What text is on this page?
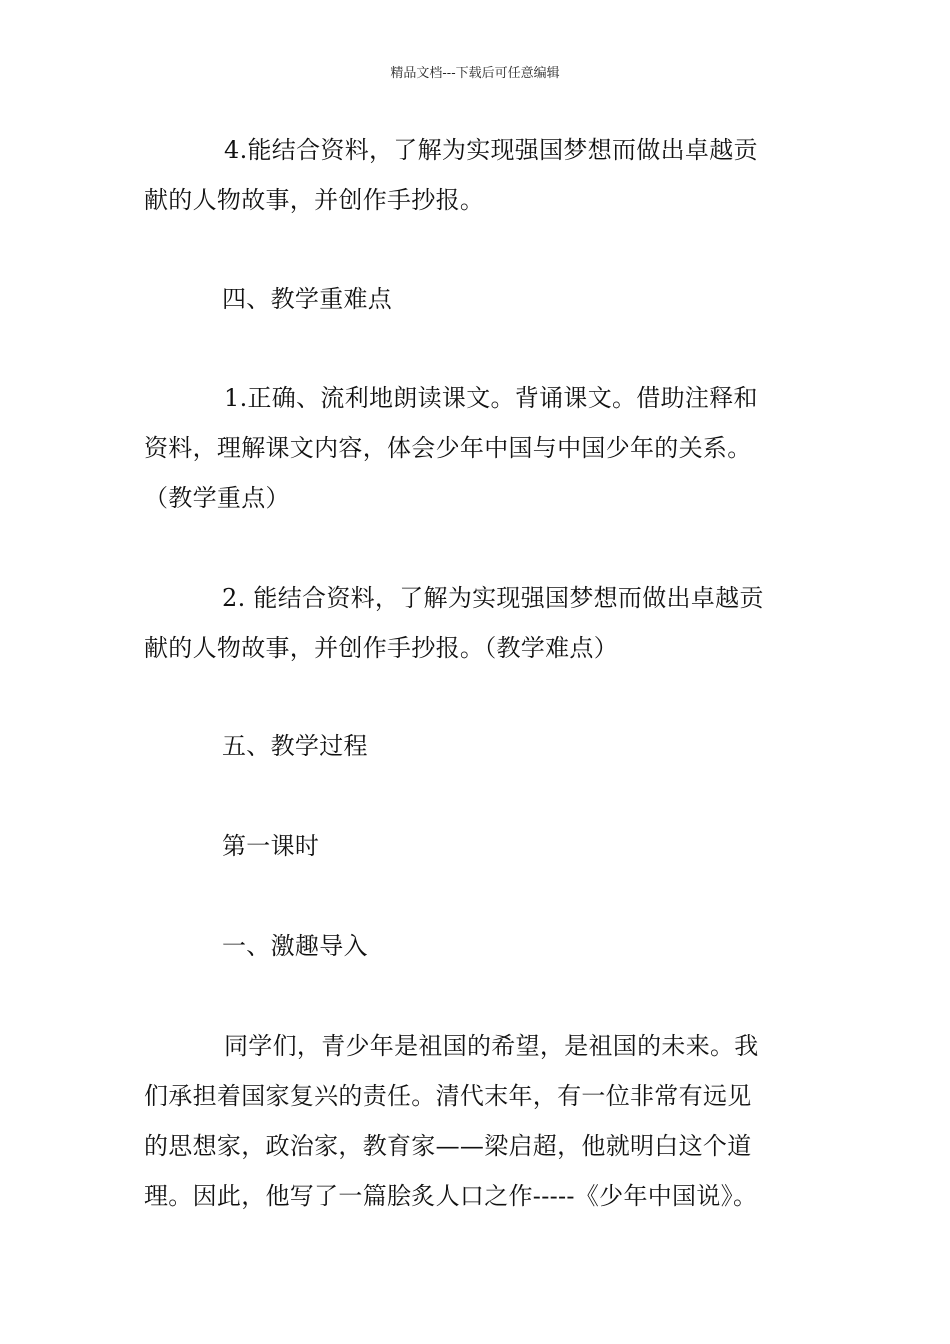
精品文档---下载后可任意编辑
4.能结合资料，了解为实现强国梦想而做出卓越贡
献的人物故事，并创作手抄报。
四、教学重难点
1.正确、流利地朗读课文。背诵课文。借助注释和
资料，理解课文内容，体会少年中国与中国少年的关系。
（教学重点）
2. 能结合资料，了解为实现强国梦想而做出卓越贡
献的人物故事，并创作手抄报。（教学难点）
五、教学过程
第一课时
一、激趣导入
同学们，青少年是祖国的希望，是祖国的未来。我
们承担着国家复兴的责任。清代末年，有一位非常有远见
的思想家，政治家，教育家——梁启超，他就明白这个道
理。因此，他写了一篇脍炙人口之作-----《少年中国说》。
